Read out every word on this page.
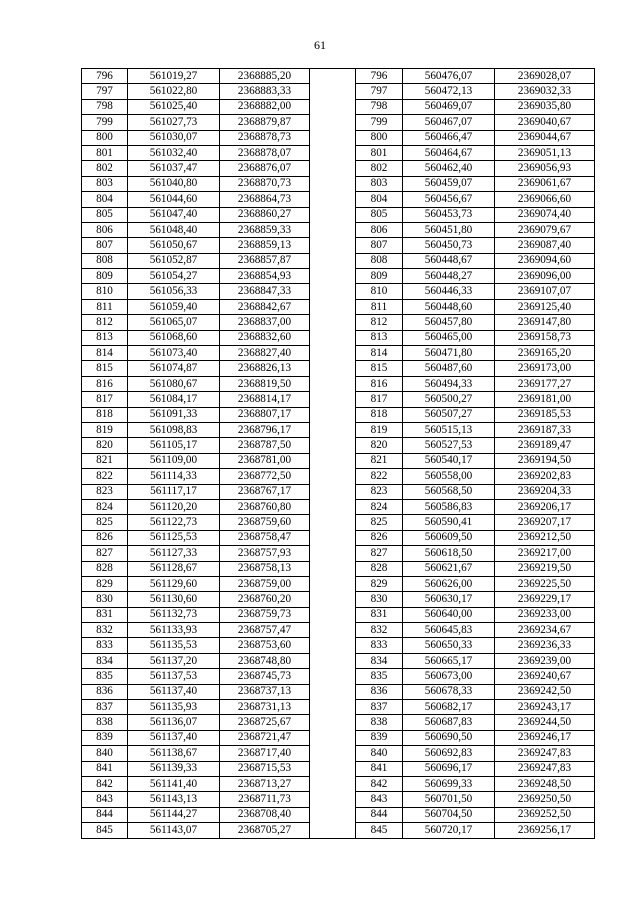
61
796	561019,27	2368885,20		796	560476,07	2369028,07
797	561022,80	2368883,33		797	560472,13	2369032,33
798	561025,40	2368882,00		798	560469,07	2369035,80
799	561027,73	2368879,87		799	560467,07	2369040,67
800	561030,07	2368878,73		800	560466,47	2369044,67
801	561032,40	2368878,07		801	560464,67	2369051,13
802	561037,47	2368876,07		802	560462,40	2369056,93
803	561040,80	2368870,73		803	560459,07	2369061,67
804	561044,60	2368864,73		804	560456,67	2369066,60
805	561047,40	2368860,27		805	560453,73	2369074,40
806	561048,40	2368859,33		806	560451,80	2369079,67
807	561050,67	2368859,13		807	560450,73	2369087,40
808	561052,87	2368857,87		808	560448,67	2369094,60
809	561054,27	2368854,93		809	560448,27	2369096,00
810	561056,33	2368847,33		810	560446,33	2369107,07
811	561059,40	2368842,67		811	560448,60	2369125,40
812	561065,07	2368837,00		812	560457,80	2369147,80
813	561068,60	2368832,60		813	560465,00	2369158,73
814	561073,40	2368827,40		814	560471,80	2369165,20
815	561074,87	2368826,13		815	560487,60	2369173,00
816	561080,67	2368819,50		816	560494,33	2369177,27
817	561084,17	2368814,17		817	560500,27	2369181,00
818	561091,33	2368807,17		818	560507,27	2369185,53
819	561098,83	2368796,17		819	560515,13	2369187,33
820	561105,17	2368787,50		820	560527,53	2369189,47
821	561109,00	2368781,00		821	560540,17	2369194,50
822	561114,33	2368772,50		822	560558,00	2369202,83
823	561117,17	2368767,17		823	560568,50	2369204,33
824	561120,20	2368760,80		824	560586,83	2369206,17
825	561122,73	2368759,60		825	560590,41	2369207,17
826	561125,53	2368758,47		826	560609,50	2369212,50
827	561127,33	2368757,93		827	560618,50	2369217,00
828	561128,67	2368758,13		828	560621,67	2369219,50
829	561129,60	2368759,00		829	560626,00	2369225,50
830	561130,60	2368760,20		830	560630,17	2369229,17
831	561132,73	2368759,73		831	560640,00	2369233,00
832	561133,93	2368757,47		832	560645,83	2369234,67
833	561135,53	2368753,60		833	560650,33	2369236,33
834	561137,20	2368748,80		834	560665,17	2369239,00
835	561137,53	2368745,73		835	560673,00	2369240,67
836	561137,40	2368737,13		836	560678,33	2369242,50
837	561135,93	2368731,13		837	560682,17	2369243,17
838	561136,07	2368725,67		838	560687,83	2369244,50
839	561137,40	2368721,47		839	560690,50	2369246,17
840	561138,67	2368717,40		840	560692,83	2369247,83
841	561139,33	2368715,53		841	560696,17	2369247,83
842	561141,40	2368713,27		842	560699,33	2369248,50
843	561143,13	2368711,73		843	560701,50	2369250,50
844	561144,27	2368708,40		844	560704,50	2369252,50
845	561143,07	2368705,27		845	560720,17	2369256,17
